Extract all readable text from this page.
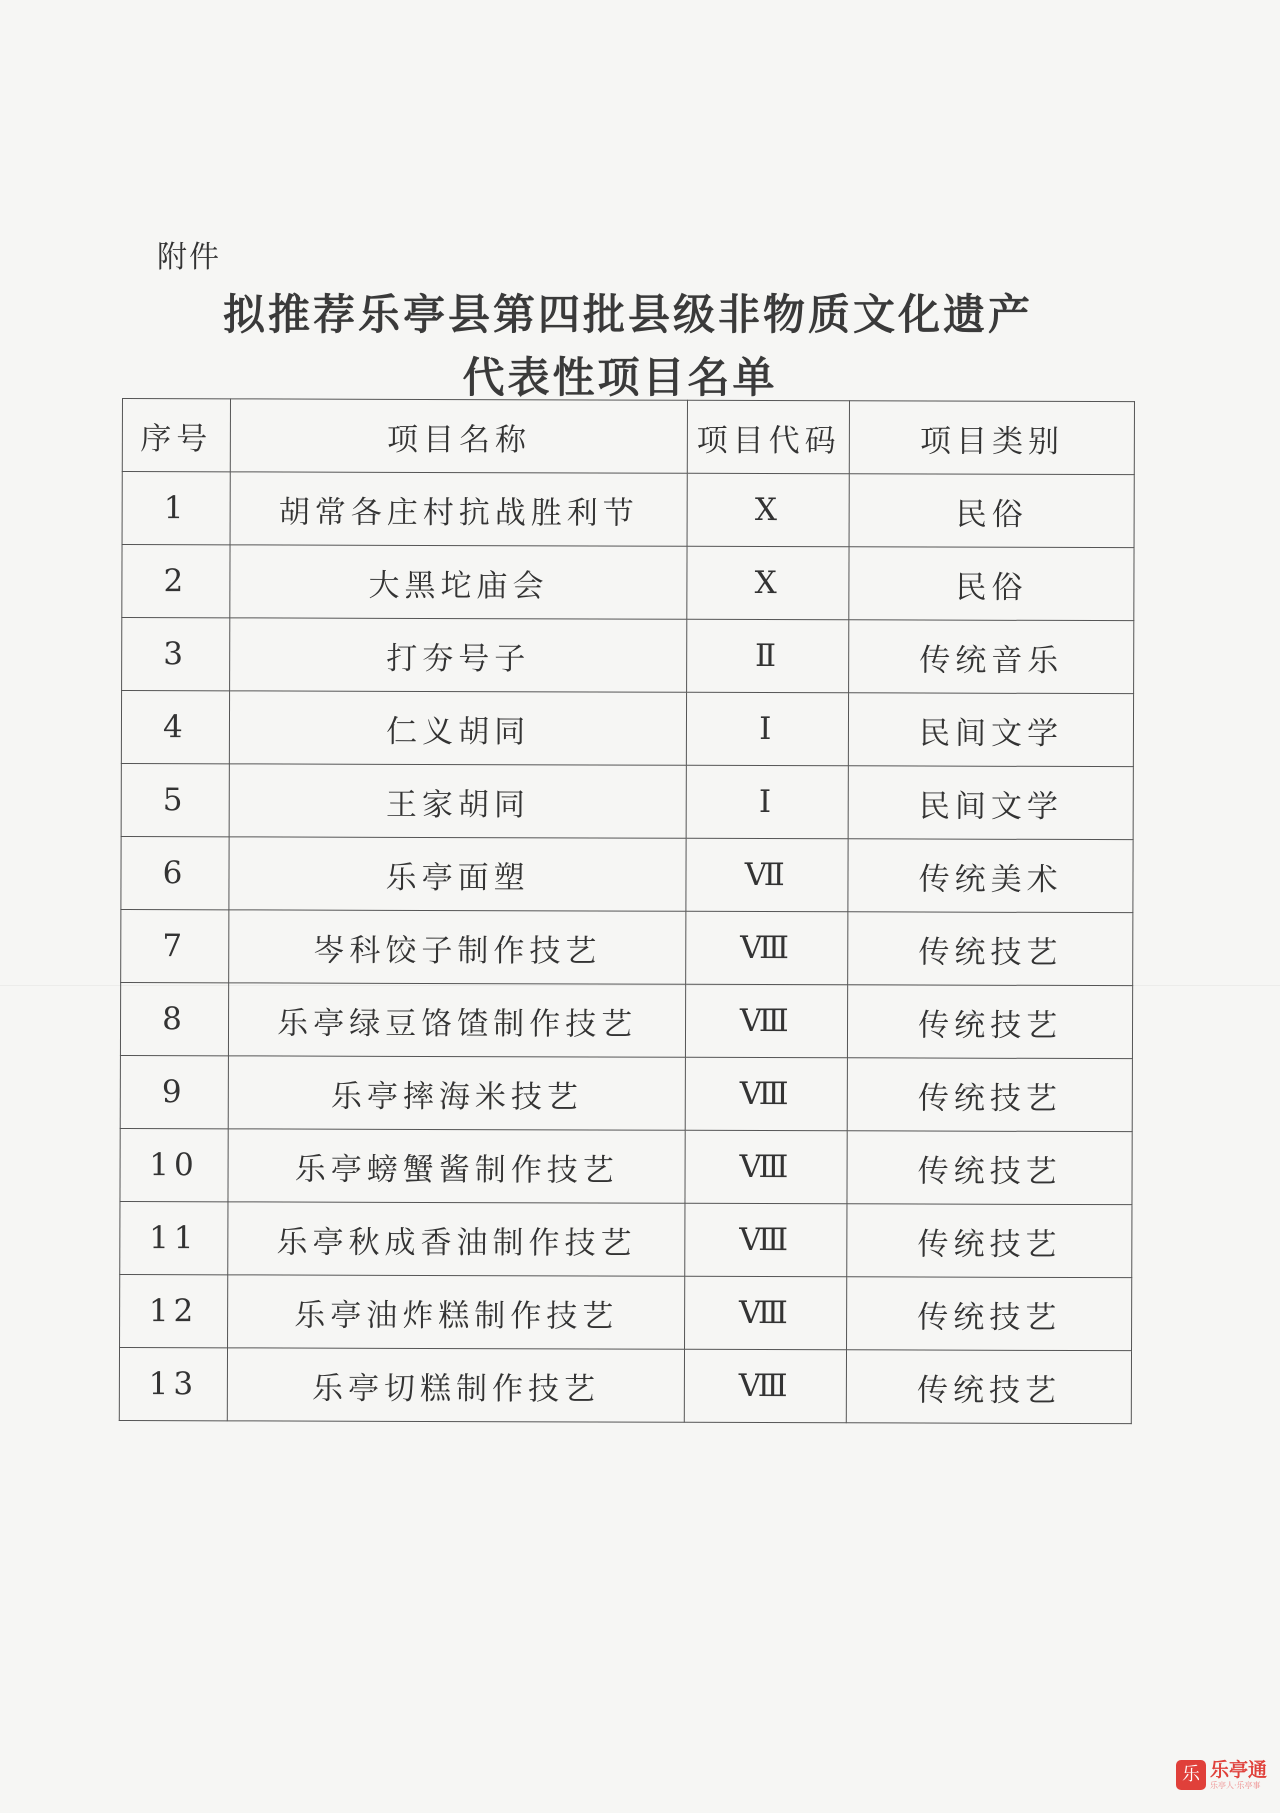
附件
拟推荐乐亭县第四批县级非物质文化遗产
代表性项目名单
序号	项目名称	项目代码	项目类别
1	胡常各庄村抗战胜利节	Ⅹ	民俗
2	大黑坨庙会	Ⅹ	民俗
3	打夯号子	Ⅱ	传统音乐
4	仁义胡同	Ⅰ	民间文学
5	王家胡同	Ⅰ	民间文学
6	乐亭面塑	Ⅶ	传统美术
7	岑科饺子制作技艺	Ⅷ	传统技艺
8	乐亭绿豆饹馇制作技艺	Ⅷ	传统技艺
9	乐亭摔海米技艺	Ⅷ	传统技艺
10	乐亭螃蟹酱制作技艺	Ⅷ	传统技艺
11	乐亭秋成香油制作技艺	Ⅷ	传统技艺
12	乐亭油炸糕制作技艺	Ⅷ	传统技艺
13	乐亭切糕制作技艺	Ⅷ	传统技艺
乐 乐亭通
乐亭人·乐亭事
